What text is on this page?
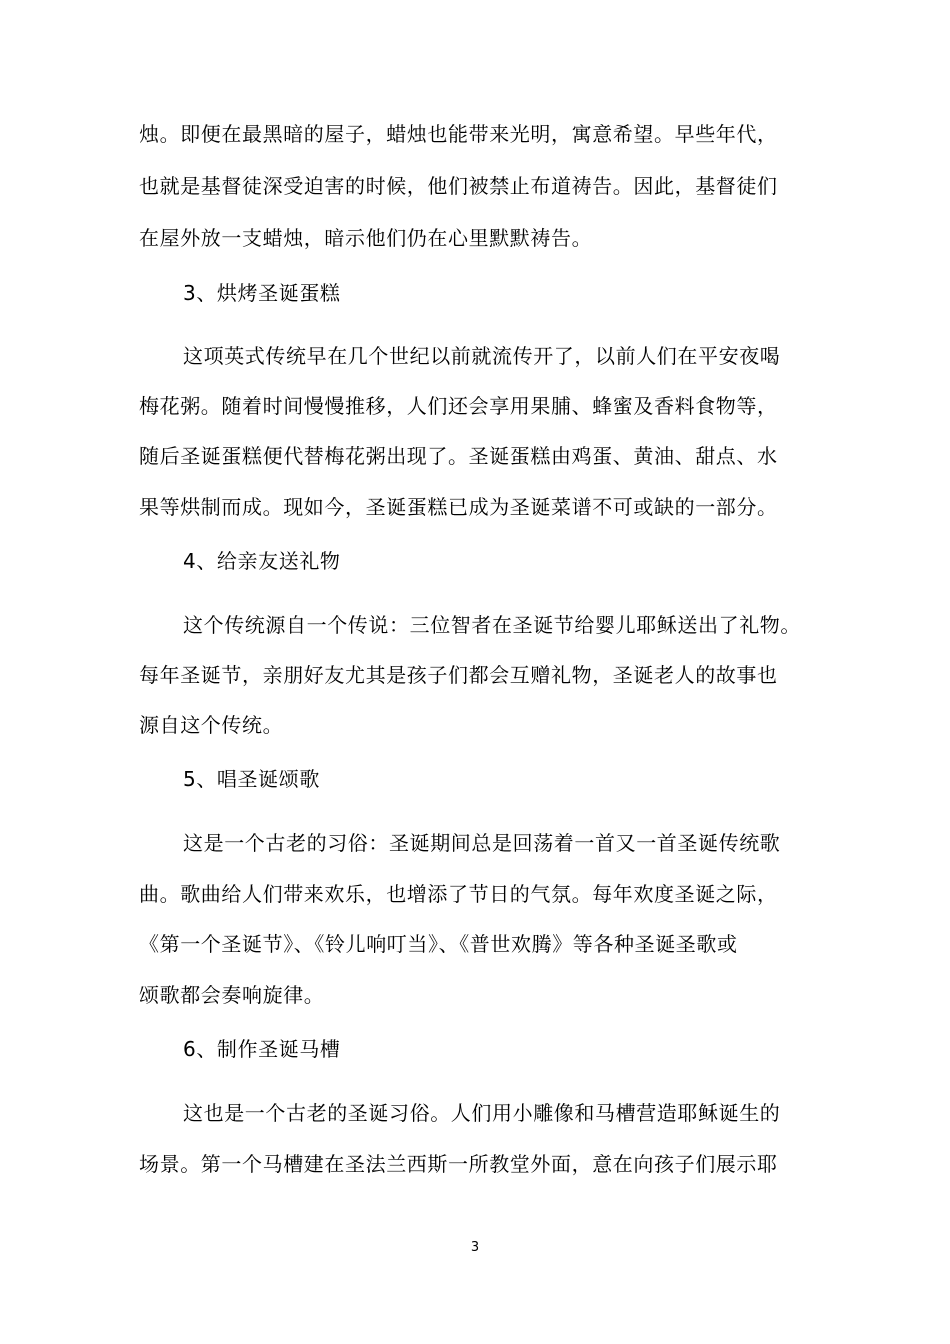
烛。即便在最黑暗的屋子，蜡烛也能带来光明，寓意希望。早些年代，
也就是基督徒深受迫害的时候，他们被禁止布道祷告。因此，基督徒们
在屋外放一支蜡烛，暗示他们仍在心里默默祷告。
3、烘烤圣诞蛋糕
这项英式传统早在几个世纪以前就流传开了，以前人们在平安夜喝
梅花粥。随着时间慢慢推移，人们还会享用果脯、蜂蜜及香料食物等，
随后圣诞蛋糕便代替梅花粥出现了。圣诞蛋糕由鸡蛋、黄油、甜点、水
果等烘制而成。现如今，圣诞蛋糕已成为圣诞菜谱不可或缺的一部分。
4、给亲友送礼物
这个传统源自一个传说：三位智者在圣诞节给婴儿耶稣送出了礼物。
每年圣诞节，亲朋好友尤其是孩子们都会互赠礼物，圣诞老人的故事也
源自这个传统。
5、唱圣诞颂歌
这是一个古老的习俗：圣诞期间总是回荡着一首又一首圣诞传统歌
曲。歌曲给人们带来欢乐，也增添了节日的气氛。每年欢度圣诞之际，
《第一个圣诞节》、《铃儿响叮当》、《普世欢腾》等各种圣诞圣歌或
颂歌都会奏响旋律。
6、制作圣诞马槽
这也是一个古老的圣诞习俗。人们用小雕像和马槽营造耶稣诞生的
场景。第一个马槽建在圣法兰西斯一所教堂外面，意在向孩子们展示耶
3
